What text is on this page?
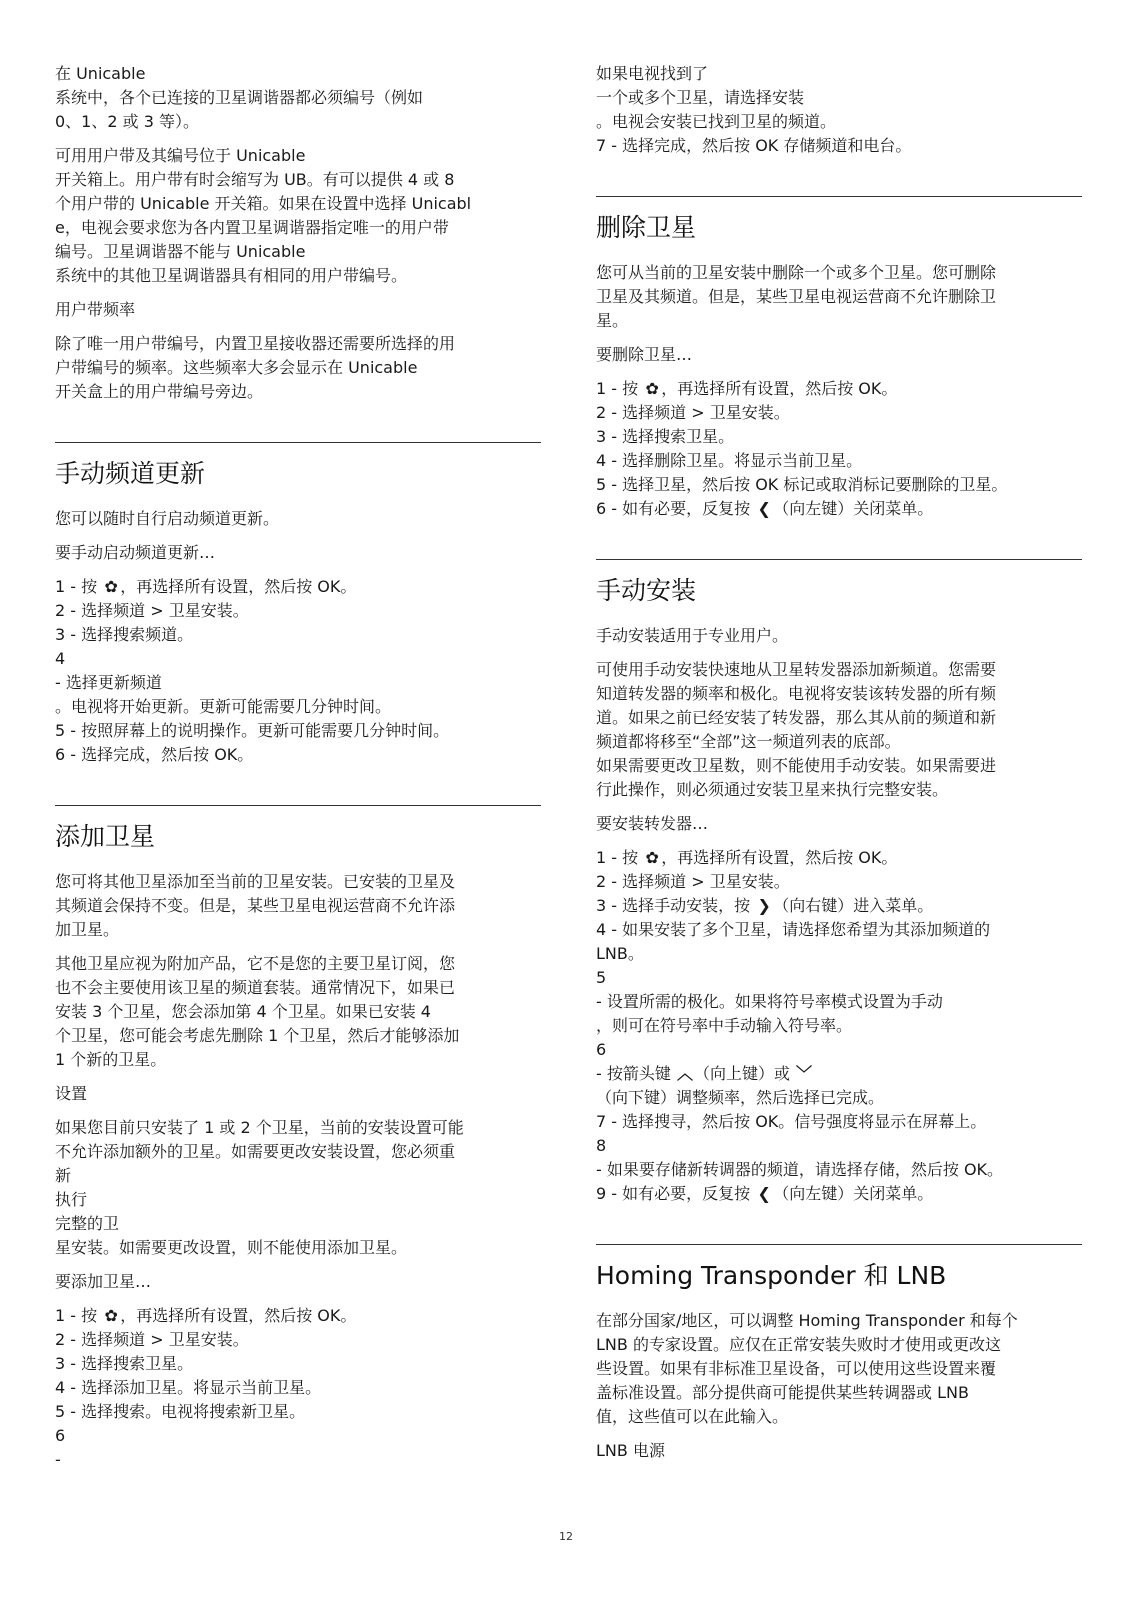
在 Unicable

系统中，各个已连接的卫星调谐器都必须编号（例如

0、1、2 或 3 等）。

可用用户带及其编号位于 Unicable

开关箱上。用户带有时会缩写为 UB。有可以提供 4 或 8

个用户带的 Unicable 开关箱。如果在设置中选择 Unicabl

e，电视会要求您为各内置卫星调谐器指定唯一的用户带

编号。卫星调谐器不能与 Unicable

系统中的其他卫星调谐器具有相同的用户带编号。

用户带频率

除了唯一用户带编号，内置卫星接收器还需要所选择的用

户带编号的频率。这些频率大多会显示在 Unicable

开关盒上的用户带编号旁边。

手动频道更新

您可以随时自行启动频道更新。

要手动启动频道更新…

1 - 按 ✿ ，再选择所有设置，然后按 OK。

2 - 选择频道 > 卫星安装。

3 - 选择搜索频道。

4

- 选择更新频道

。电视将开始更新。更新可能需要几分钟时间。

5 - 按照屏幕上的说明操作。更新可能需要几分钟时间。

6 - 选择完成，然后按 OK。

添加卫星

您可将其他卫星添加至当前的卫星安装。已安装的卫星及

其频道会保持不变。但是，某些卫星电视运营商不允许添

加卫星。

其他卫星应视为附加产品，它不是您的主要卫星订阅，您

也不会主要使用该卫星的频道套装。通常情况下，如果已

安装 3 个卫星，您会添加第 4 个卫星。如果已安装 4

个卫星，您可能会考虑先删除 1 个卫星，然后才能够添加

1 个新的卫星。

设置

如果您目前只安装了 1 或 2 个卫星，当前的安装设置可能

不允许添加额外的卫星。如需要更改安装设置，您必须重

新

执行

完整的卫

星安装。如需要更改设置，则不能使用添加卫星。

要添加卫星…

1 - 按 ✿ ，再选择所有设置，然后按 OK。

2 - 选择频道 > 卫星安装。

3 - 选择搜索卫星。

4 - 选择添加卫星。将显示当前卫星。

5 - 选择搜索。电视将搜索新卫星。

6

-

如果电视找到了

一个或多个卫星，请选择安装

。电视会安装已找到卫星的频道。

7 - 选择完成，然后按 OK 存储频道和电台。

删除卫星

您可从当前的卫星安装中删除一个或多个卫星。您可删除

卫星及其频道。但是，某些卫星电视运营商不允许删除卫

星。

要删除卫星…

1 - 按 ✿ ，再选择所有设置，然后按 OK。

2 - 选择频道 > 卫星安装。

3 - 选择搜索卫星。

4 - 选择删除卫星。将显示当前卫星。

5 - 选择卫星，然后按 OK 标记或取消标记要删除的卫星。

6 - 如有必要，反复按 ❮ （向左键）关闭菜单。

手动安装

手动安装适用于专业用户。

可使用手动安装快速地从卫星转发器添加新频道。您需要

知道转发器的频率和极化。电视将安装该转发器的所有频

道。如果之前已经安装了转发器，那么其从前的频道和新

频道都将移至“全部”这一频道列表的底部。

如果需要更改卫星数，则不能使用手动安装。如果需要进

行此操作，则必须通过安装卫星来执行完整安装。

要安装转发器…

1 - 按 ✿ ，再选择所有设置，然后按 OK。

2 - 选择频道 > 卫星安装。

3 - 选择手动安装，按 ❯ （向右键）进入菜单。

4 - 如果安装了多个卫星，请选择您希望为其添加频道的

LNB。

5

- 设置所需的极化。如果将符号率模式设置为手动

，则可在符号率中手动输入符号率。

6

- 按箭头键 ︿（向上键）或 ﹀

（向下键）调整频率，然后选择已完成。

7 - 选择搜寻，然后按 OK。信号强度将显示在屏幕上。

8

- 如果要存储新转调器的频道，请选择存储，然后按 OK。

9 - 如有必要，反复按 ❮ （向左键）关闭菜单。

Homing Transponder 和 LNB

在部分国家/地区，可以调整 Homing Transponder 和每个

LNB 的专家设置。应仅在正常安装失败时才使用或更改这

些设置。如果有非标准卫星设备，可以使用这些设置来覆

盖标准设置。部分提供商可能提供某些转调器或 LNB

值，这些值可以在此输入。

LNB 电源

12
